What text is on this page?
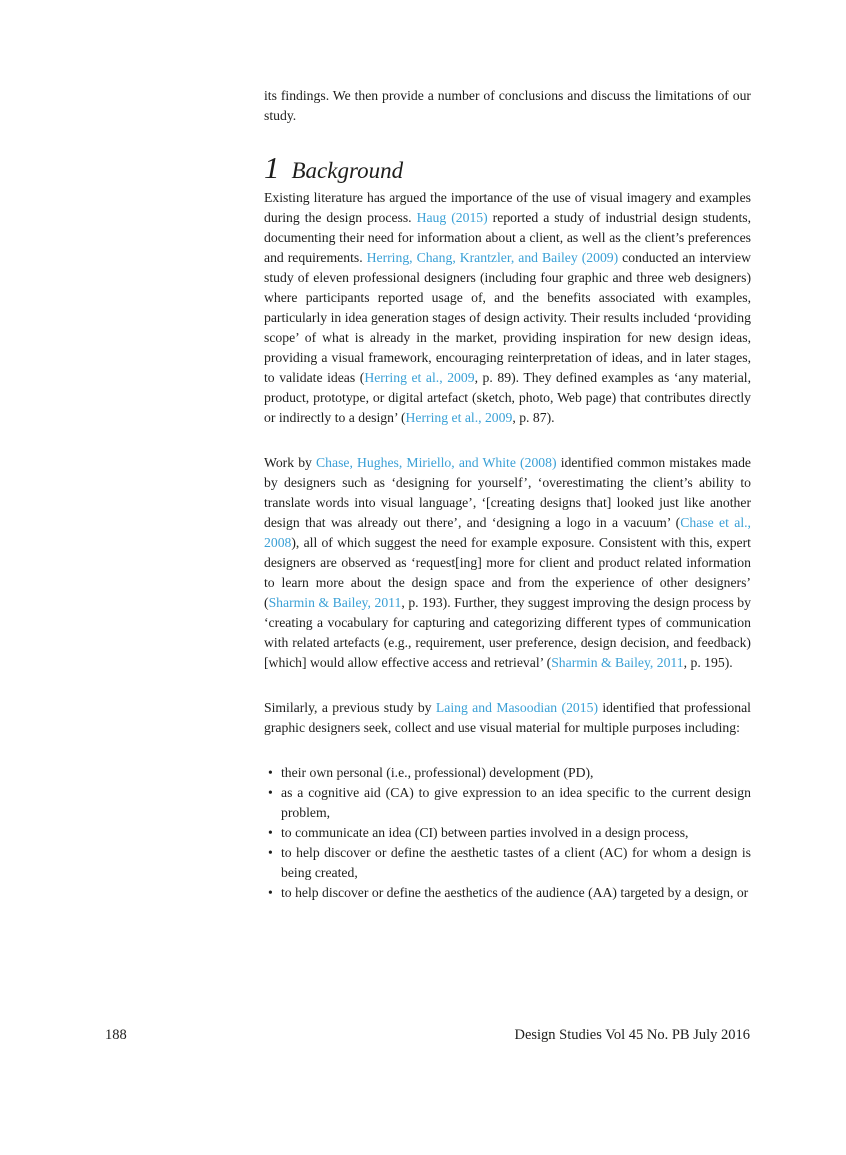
its findings. We then provide a number of conclusions and discuss the limitations of our study.

1 Background

Existing literature has argued the importance of the use of visual imagery and examples during the design process. Haug (2015) reported a study of industrial design students, documenting their need for information about a client, as well as the client’s preferences and requirements. Herring, Chang, Krantzler, and Bailey (2009) conducted an interview study of eleven professional designers (including four graphic and three web designers) where participants reported usage of, and the benefits associated with examples, particularly in idea generation stages of design activity. Their results included ‘providing scope’ of what is already in the market, providing inspiration for new design ideas, providing a visual framework, encouraging reinterpretation of ideas, and in later stages, to validate ideas (Herring et al., 2009, p. 89). They defined examples as ‘any material, product, prototype, or digital artefact (sketch, photo, Web page) that contributes directly or indirectly to a design’ (Herring et al., 2009, p. 87).

Work by Chase, Hughes, Miriello, and White (2008) identified common mistakes made by designers such as ‘designing for yourself’, ‘overestimating the client’s ability to translate words into visual language’, ‘[creating designs that] looked just like another design that was already out there’, and ‘designing a logo in a vacuum’ (Chase et al., 2008), all of which suggest the need for example exposure. Consistent with this, expert designers are observed as ‘request[ing] more for client and product related information to learn more about the design space and from the experience of other designers’ (Sharmin & Bailey, 2011, p. 193). Further, they suggest improving the design process by ‘creating a vocabulary for capturing and categorizing different types of communication with related artefacts (e.g., requirement, user preference, design decision, and feedback) [which] would allow effective access and retrieval’ (Sharmin & Bailey, 2011, p. 195).

Similarly, a previous study by Laing and Masoodian (2015) identified that professional graphic designers seek, collect and use visual material for multiple purposes including:

• their own personal (i.e., professional) development (PD),
• as a cognitive aid (CA) to give expression to an idea specific to the current design problem,
• to communicate an idea (CI) between parties involved in a design process,
• to help discover or define the aesthetic tastes of a client (AC) for whom a design is being created,
• to help discover or define the aesthetics of the audience (AA) targeted by a design, or
188	Design Studies Vol 45 No. PB July 2016
